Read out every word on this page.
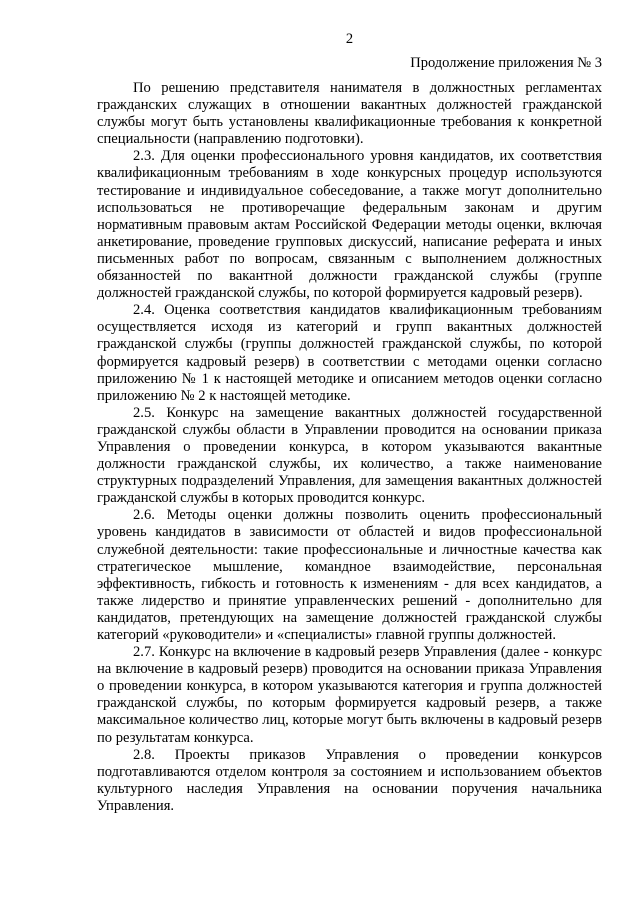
2
Продолжение приложения № 3

По решению представителя нанимателя в должностных регламентах гражданских служащих в отношении вакантных должностей гражданской службы могут быть установлены квалификационные требования к конкретной специальности (направлению подготовки).

2.3. Для оценки профессионального уровня кандидатов, их соответствия квалификационным требованиям в ходе конкурсных процедур используются тестирование и индивидуальное собеседование, а также могут дополнительно использоваться не противоречащие федеральным законам и другим нормативным правовым актам Российской Федерации методы оценки, включая анкетирование, проведение групповых дискуссий, написание реферата и иных письменных работ по вопросам, связанным с выполнением должностных обязанностей по вакантной должности гражданской службы (группе должностей гражданской службы, по которой формируется кадровый резерв).

2.4. Оценка соответствия кандидатов квалификационным требованиям осуществляется исходя из категорий и групп вакантных должностей гражданской службы (группы должностей гражданской службы, по которой формируется кадровый резерв) в соответствии с методами оценки согласно приложению № 1 к настоящей методике и описанием методов оценки согласно приложению № 2 к настоящей методике.

2.5. Конкурс на замещение вакантных должностей государственной гражданской службы области в Управлении проводится на основании приказа Управления о проведении конкурса, в котором указываются вакантные должности гражданской службы, их количество, а также наименование структурных подразделений Управления, для замещения вакантных должностей гражданской службы в которых проводится конкурс.

2.6. Методы оценки должны позволить оценить профессиональный уровень кандидатов в зависимости от областей и видов профессиональной служебной деятельности: такие профессиональные и личностные качества как стратегическое мышление, командное взаимодействие, персональная эффективность, гибкость и готовность к изменениям - для всех кандидатов, а также лидерство и принятие управленческих решений - дополнительно для кандидатов, претендующих на замещение должностей гражданской службы категорий «руководители» и «специалисты» главной группы должностей.

2.7. Конкурс на включение в кадровый резерв Управления (далее - конкурс на включение в кадровый резерв) проводится на основании приказа Управления о проведении конкурса, в котором указываются категория и группа должностей гражданской службы, по которым формируется кадровый резерв, а также максимальное количество лиц, которые могут быть включены в кадровый резерв по результатам конкурса.

2.8. Проекты приказов Управления о проведении конкурсов подготавливаются отделом контроля за состоянием и использованием объектов культурного наследия Управления на основании поручения начальника Управления.
